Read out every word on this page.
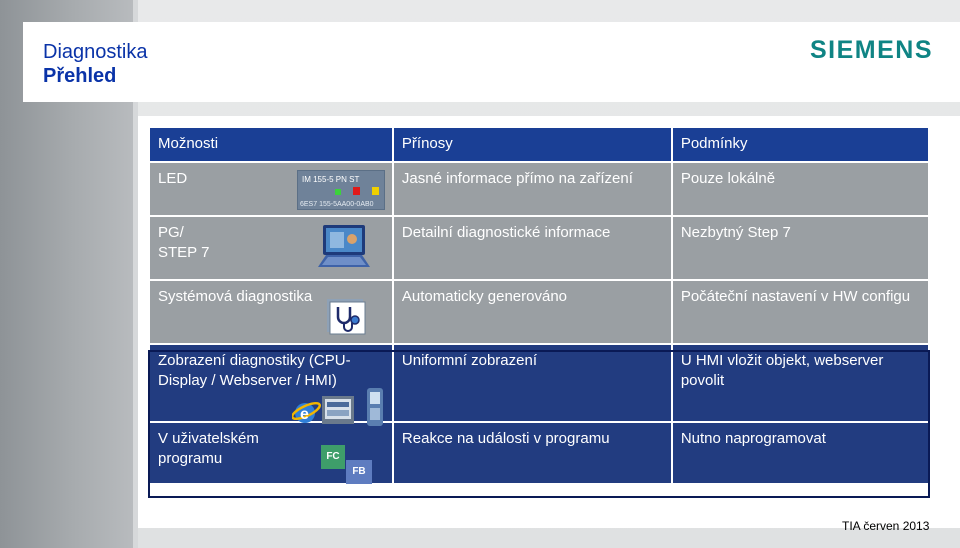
Diagnostika
Přehled
SIEMENS
Možnosti	Přínosy	Podmínky
LED	Jasné informace přímo na zařízení	Pouze lokálně
PG/
STEP 7	Detailní diagnostické informace	Nezbytný Step 7
Systémová diagnostika	Automaticky generováno	Počáteční nastavení v HW configu

Zobrazení diagnostiky (CPU-Display / Webserver / HMI)	Uniformní zobrazení	U HMI vložit objekt, webserver povolit

V uživatelském programu	Reakce na události v programu	Nutno naprogramovat
IM 155-5 PN ST
6ES7 155-5AA00-0AB0
e
FC
FB
TIA červen 2013
